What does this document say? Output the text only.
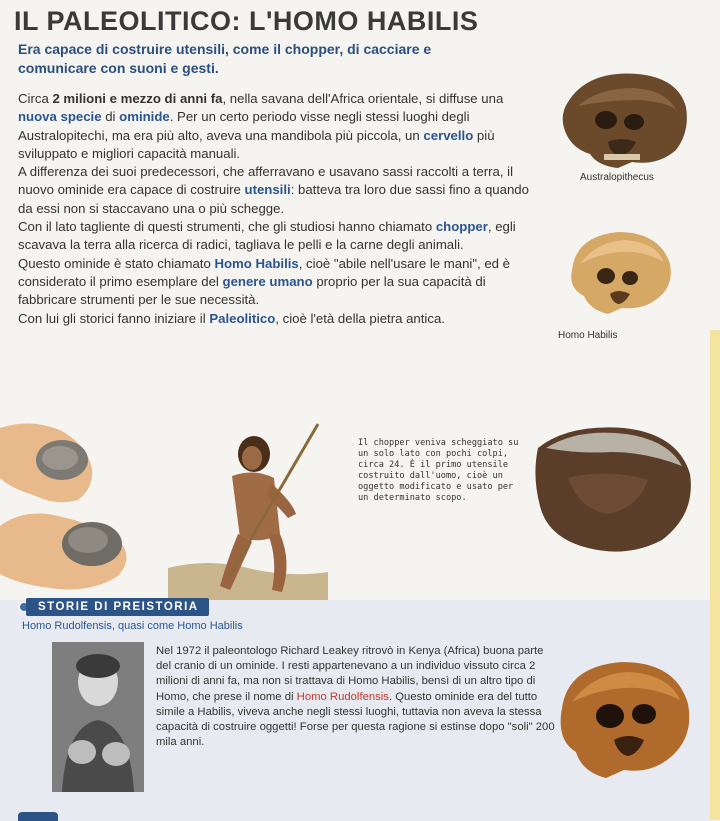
IL PALEOLITICO: L'HOMO HABILIS
Era capace di costruire utensili, come il chopper, di cacciare e comunicare con suoni e gesti.

Circa 2 milioni e mezzo di anni fa, nella savana dell'Africa orientale, si diffuse una nuova specie di ominide. Per un certo periodo visse negli stessi luoghi degli Australopitechi, ma era più alto, aveva una mandibola più piccola, un cervello più sviluppato e migliori capacità manuali.

A differenza dei suoi predecessori, che afferravano e usavano sassi raccolti a terra, il nuovo ominide era capace di costruire utensili: batteva tra loro due sassi fino a quando da essi non si staccavano una o più schegge.

Con il lato tagliente di questi strumenti, che gli studiosi hanno chiamato chopper, egli scavava la terra alla ricerca di radici, tagliava le pelli e la carne degli animali.

Questo ominide è stato chiamato Homo Habilis, cioè "abile nell'usare le mani", ed è considerato il primo esemplare del genere umano proprio per la sua capacità di fabbricare strumenti per le sue necessità.

Con lui gli storici fanno iniziare il Paleolitico, cioè l'età della pietra antica.

Australopithecus
Homo Habilis
Il chopper veniva scheggiato su un solo lato con pochi colpi, circa 24. È il primo utensile costruito dall'uomo, cioè un oggetto modificato e usato per un determinato scopo.
STORIE DI PREISTORIA
Homo Rudolfensis, quasi come Homo Habilis
Nel 1972 il paleontologo Richard Leakey ritrovò in Kenya (Africa) buona parte del cranio di un ominide. I resti appartenevano a un individuo vissuto circa 2 milioni di anni fa, ma non si trattava di Homo Habilis, bensì di un altro tipo di Homo, che prese il nome di Homo Rudolfensis. Questo ominide era del tutto simile a Habilis, viveva anche negli stessi luoghi, tuttavia non aveva la stessa capacità di costruire oggetti! Forse per questa ragione si estinse dopo "soli" 200 mila anni.
